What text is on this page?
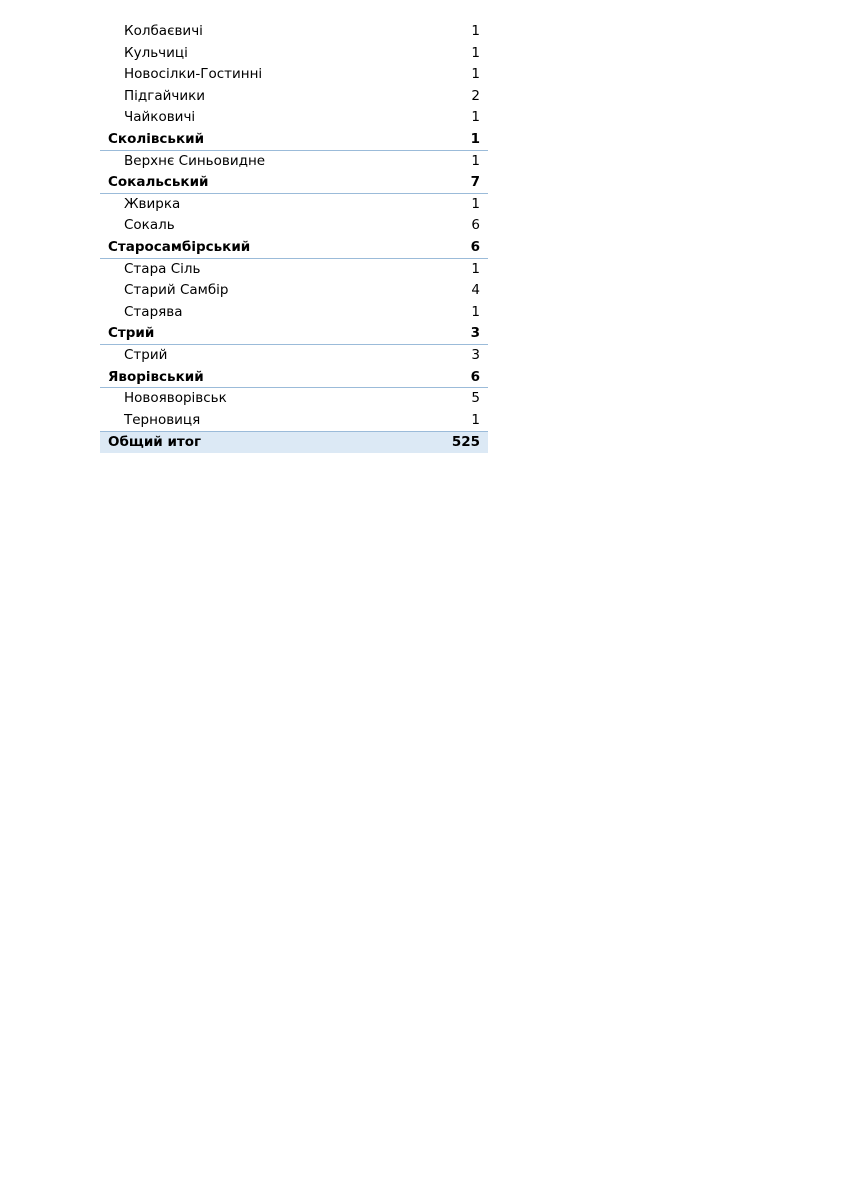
Колбаєвичі	1
Кульчиці	1
Новосілки-Гостинні	1
Підгайчики	2
Чайковичі	1
Сколівський	1
Верхнє Синьовидне	1
Сокальський	7
Жвирка	1
Сокаль	6
Старосамбірський	6
Стара Сіль	1
Старий Самбір	4
Старява	1
Стрий	3
Стрий	3
Яворівський	6
Новояворівськ	5
Терновиця	1
Общий итог	525
